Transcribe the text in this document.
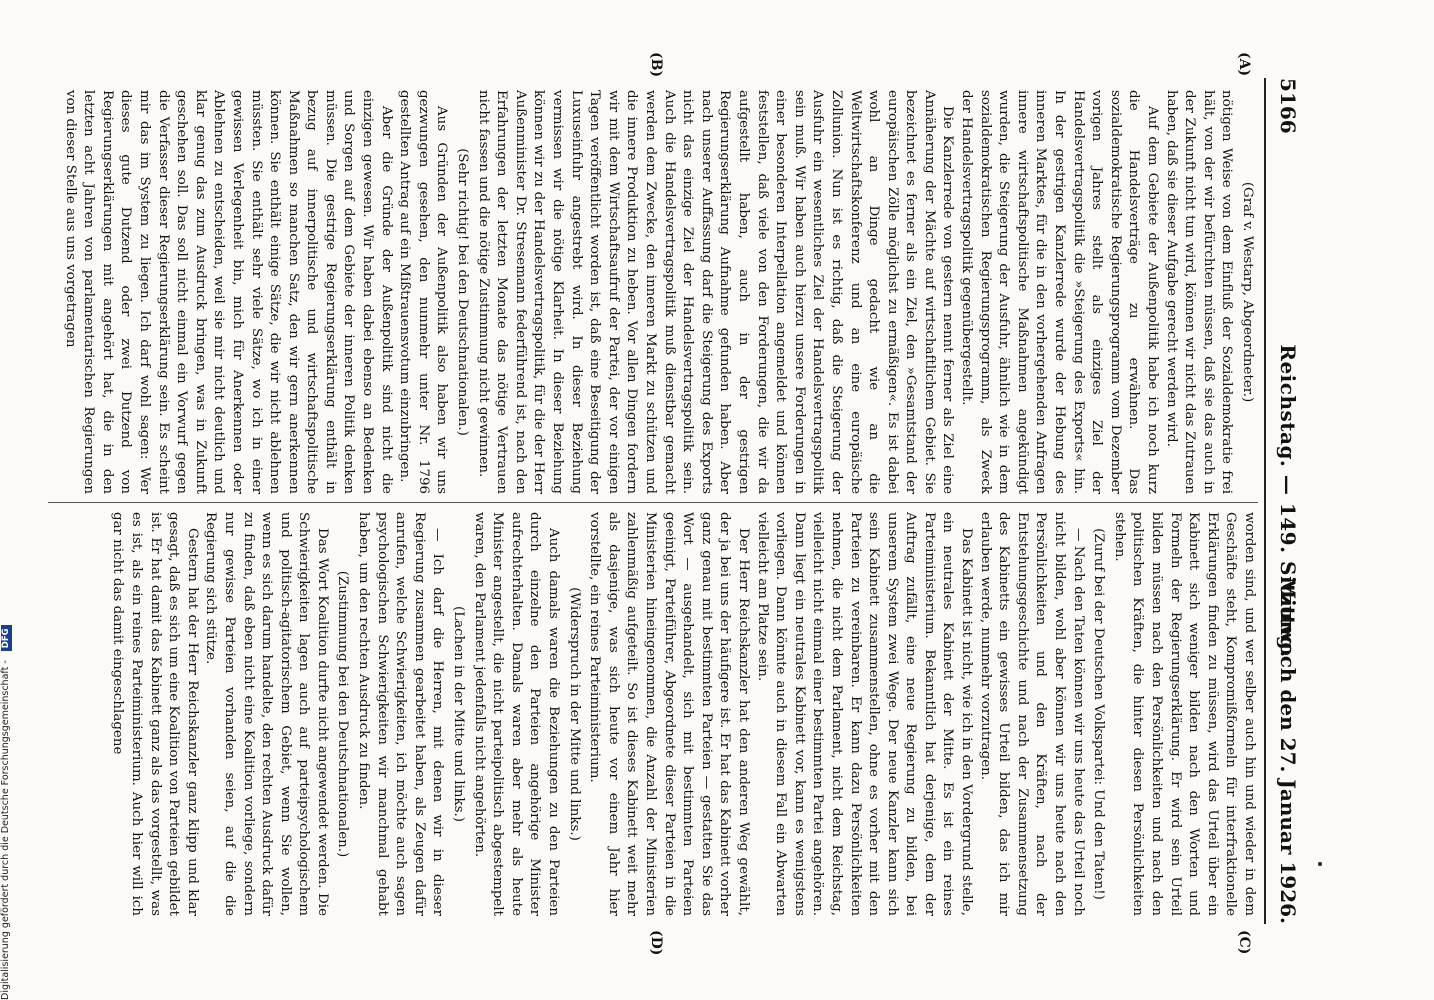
5166
Reichstag. — 149. Sitzung.
Mittwoch den 27. Januar 1926.
(A)
(B)
(C)
(D)

(Graf v. Westarp, Abgeordneter.)

nötigen Weise von dem Einfluß der Sozialdemokratie frei hält, von der wir befürchten müssen, daß sie das auch in der Zukunft nicht tun wird, können wir nicht das Zutrauen haben, daß sie dieser Aufgabe gerecht werden wird.

Auf dem Gebiete der Außenpolitik habe ich noch kurz die Handelsverträge zu erwähnen. Das sozialdemokratische Regierungsprogramm vom Dezember vorigen Jahres stellt als einziges Ziel der Handelsvertragspolitik die »Steigerung des Exports« hin. In der gestrigen Kanzlerrede wurde der Hebung des inneren Marktes, für die in den vorhergehenden Anfragen innere wirtschaftspolitische Maßnahmen angekündigt wurden, die Steigerung der Ausfuhr, ähnlich wie in dem sozialdemokratischen Regierungsprogramm, als Zweck der Handelsvertragspolitik gegenübergestellt.

Die Kanzlerrede von gestern nennt ferner als Ziel eine Annäherung der Mächte auf wirtschaftlichem Gebiet. Sie bezeichnet es ferner als ein Ziel, den »Gesamtstand der europäischen Zölle möglichst zu ermäßigen«. Es ist dabei wohl an Dinge gedacht wie an die Weltwirtschaftskonferenz und an eine europäische Zollunion. Nun ist es richtig, daß die Steigerung der Ausfuhr ein wesentliches Ziel der Handelsvertragspolitik sein muß. Wir haben auch hierzu unsere Forderungen in einer besonderen Interpellation angemeldet und können feststellen, daß viele von den Forderungen, die wir da aufgestellt haben, auch in der gestrigen Regierungserklärung Aufnahme gefunden haben. Aber nach unserer Auffassung darf die Steigerung des Exports nicht das einzige Ziel der Handelsvertragspolitik sein. Auch die Handelsvertragspolitik muß dienstbar gemacht werden dem Zwecke, den inneren Markt zu schützen und die innere Produktion zu heben. Vor allen Dingen fordern wir mit dem Wirtschaftsaufruf der Partei, der vor einigen Tagen veröffentlicht worden ist, daß eine Beseitigung der Luxuseinfuhr angestrebt wird. In dieser Beziehung vermissen wir die nötige Klarheit. In dieser Beziehung können wir zu der Handelsvertragspolitik, für die der Herr Außenminister Dr. Stresemann federführend ist, nach den Erfahrungen der letzten Monate das nötige Vertrauen nicht fassen und die nötige Zustimmung nicht gewinnen.

(Sehr richtig! bei den Deutschnationalen.)

Aus Gründen der Außenpolitik also haben wir uns gezwungen gesehen, den nunmehr unter Nr. 1796 gestellten Antrag auf ein Mißtrauensvotum einzubringen.

Aber die Gründe der Außenpolitik sind nicht die einzigen gewesen. Wir haben dabei ebenso an Bedenken und Sorgen auf dem Gebiete der inneren Politik denken müssen. Die gestrige Regierungserklärung enthält in bezug auf innerpolitische und wirtschaftspolitische Maßnahmen so manchen Satz, den wir gern anerkennen können. Sie enthält einige Sätze, die wir nicht ablehnen müssten. Sie enthält sehr viele Sätze, wo ich in einer gewissen Verlegenheit bin, mich für Anerkennen oder Ablehnen zu entscheiden, weil sie mir nicht deutlich und klar genug das zum Ausdruck bringen, was in Zukunft geschehen soll. Das soll nicht einmal ein Vorwurf gegen die Verfasser dieser Regierungserklärung sein. Es scheint mir das im System zu liegen. Ich darf wohl sagen: Wer dieses gute Dutzend oder zwei Dutzend von Regierungserklärungen mit angehört hat, die in den letzten acht Jahren von parlamentarischen Regierungen von dieser Stelle aus uns vorgetragen

worden sind, und wer selber auch hin und wieder in dem Geschäfte steht, Kompromißformeln für interfraktionelle Erklärungen finden zu müssen, wird das Urteil über ein Kabinett sich weniger bilden nach den Worten und Formeln der Regierungserklärung. Er wird sein Urteil bilden müssen nach den Persönlichkeiten und nach den politischen Kräften, die hinter diesen Persönlichkeiten stehen.

(Zuruf bei der Deutschen Volkspartei: Und den Taten!)

— Nach den Taten können wir uns heute das Urteil noch nicht bilden, wohl aber können wir uns heute nach den Persönlichkeiten und den Kräften, nach der Entstehungsgeschichte und nach der Zusammensetzung des Kabinetts ein gewisses Urteil bilden, das ich mir erlauben werde, nunmehr vorzutragen.

Das Kabinett ist nicht, wie ich in den Vordergrund stelle, ein neutrales Kabinett der Mitte. Es ist ein reines Parteiministerium. Bekanntlich hat derjenige, dem der Auftrag zufällt, eine neue Regierung zu bilden, bei unserem System zwei Wege. Der neue Kanzler kann sich sein Kabinett zusammenstellen, ohne es vorher mit den Parteien zu vereinbaren. Er kann dazu Persönlichkeiten nehmen, die nicht dem Parlament, nicht dem Reichstag, vielleicht nicht einmal einer bestimmten Partei angehören. Dann liegt ein neutrales Kabinett vor, kann es wenigstens vorliegen. Dann könnte auch in diesem Fall ein Abwarten vielleicht am Platze sein.

Der Herr Reichskanzler hat den anderen Weg gewählt, der ja bei uns der häufigere ist. Er hat das Kabinett vorher ganz genau mit bestimmten Parteien — gestatten Sie das Wort — ausgehandelt, sich mit bestimmten Parteien geeinigt, Parteiführer, Abgeordnete dieser Parteien in die Ministerien hineingenommen, die Anzahl der Ministerien zahlenmäßig aufgeteilt. So ist dieses Kabinett weit mehr als dasjenige, was sich heute vor einem Jahr hier vorstellte, ein reines Parteiministerium.

(Widerspruch in der Mitte und links.)

Auch damals waren die Beziehungen zu den Parteien durch einzelne den Parteien angehörige Minister aufrechterhalten. Damals waren aber mehr als heute Minister angestellt, die nicht parteipolitisch abgestempelt waren, den Parlament jedenfalls nicht angehörten.

(Lachen in der Mitte und links.)

— Ich darf die Herren, mit denen wir in dieser Regierung zusammen gearbeitet haben, als Zeugen dafür anrufen, welche Schwierigkeiten, ich möchte auch sagen psychologischen Schwierigkeiten wir manchmal gehabt haben, um den rechten Ausdruck zu finden.

(Zustimmung bei den Deutschnationalen.)

Das Wort Koalition durfte nicht angewendet werden. Die Schwierigkeiten lagen auch auf parteipsychologischem und politisch-agitatorischem Gebiet, wenn Sie wollen, wenn es sich darum handelte, den rechten Ausdruck dafür zu finden, daß eben nicht eine Koalition vorliege, sondern nur gewisse Parteien vorhanden seien, auf die die Regierung sich stütze.

Gestern hat der Herr Reichskanzler ganz klipp und klar gesagt, daß es sich um eine Koalition von Parteien gebildet ist. Er hat damit das Kabinett ganz als das vorgestellt, was es ist, als ein reines Parteiministerium. Auch hier will ich gar nicht das damit eingeschlagene

Digitalisierung gefördert durch die Deutsche Forschungsgemeinschaft - DFG
